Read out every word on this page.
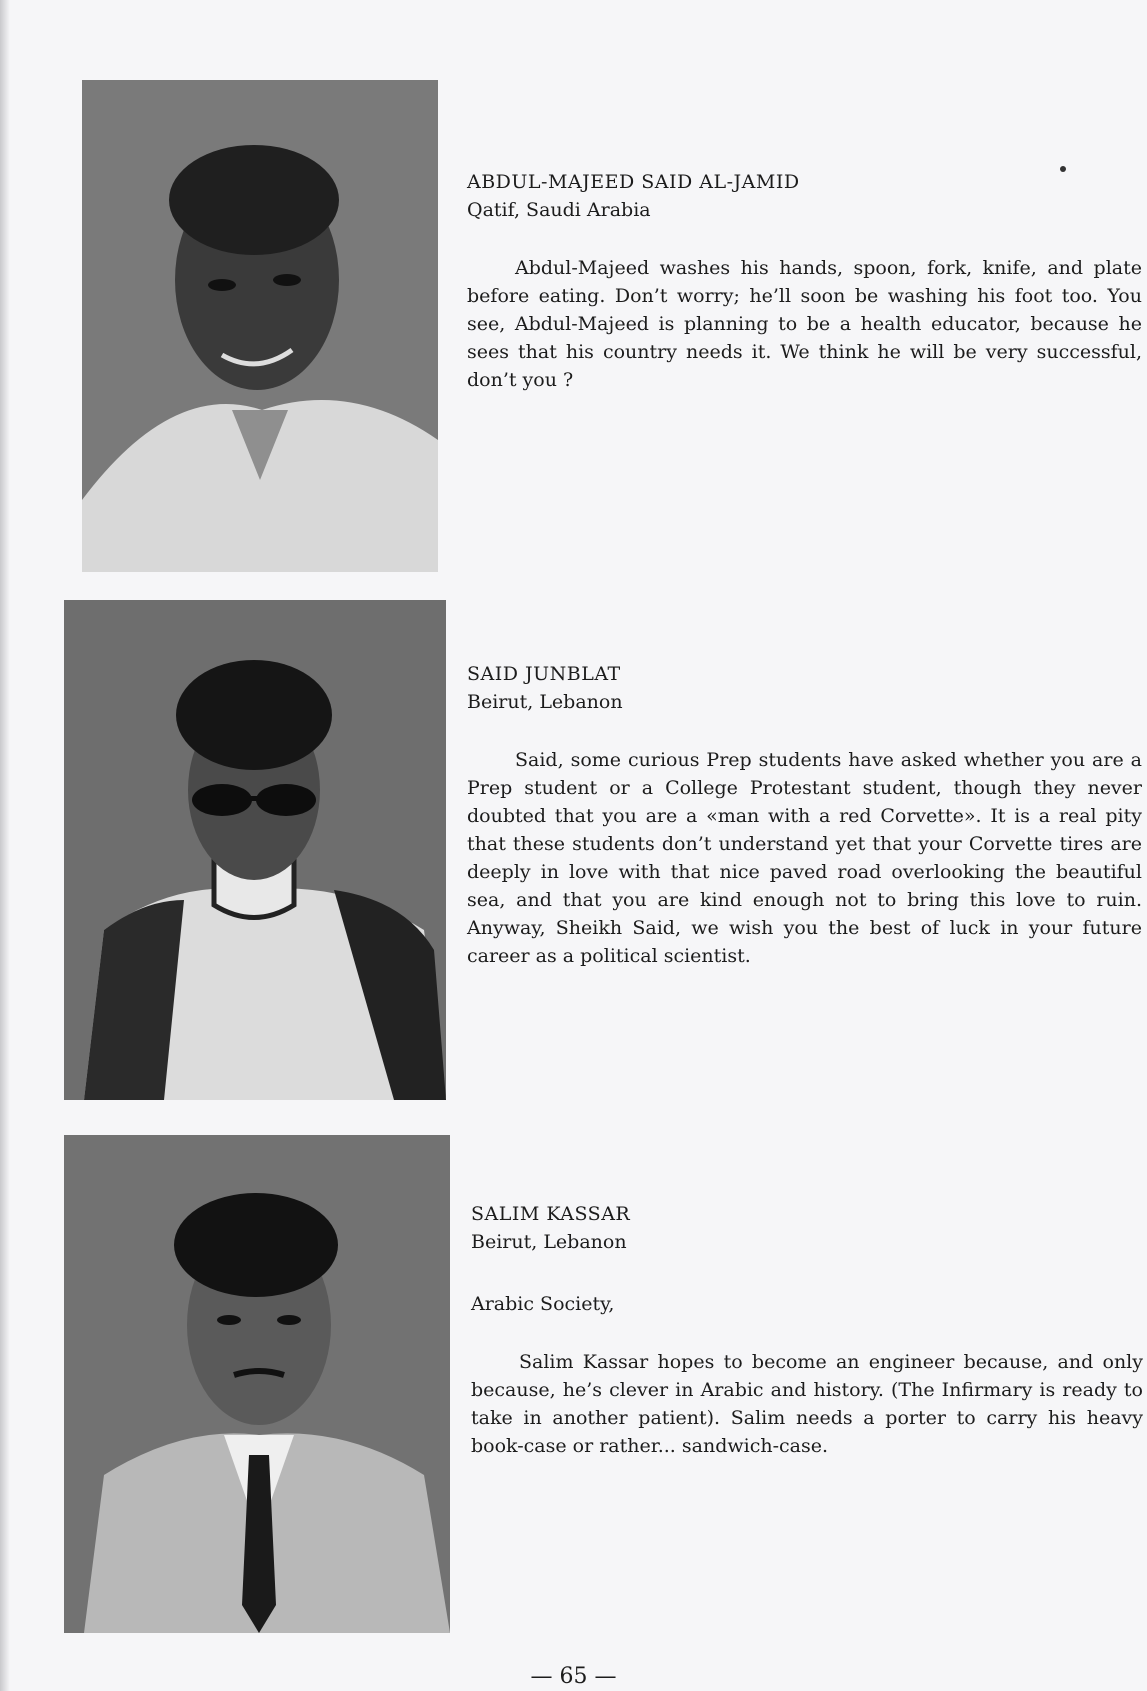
ABDUL-MAJEED SAID AL-JAMID

Qatif, Saudi Arabia

Abdul-Majeed washes his hands, spoon, fork, knife, and plate before eating. Don’t worry; he’ll soon be washing his foot too. You see, Abdul-Majeed is planning to be a health educator, because he sees that his country needs it. We think he will be very successful, don’t you ?

SAID JUNBLAT

Beirut, Lebanon

Said, some curious Prep students have asked whether you are a Prep student or a College Protestant student, though they never doubted that you are a «man with a red Corvette». It is a real pity that these students don’t understand yet that your Corvette tires are deeply in love with that nice paved road overlooking the beautiful sea, and that you are kind enough not to bring this love to ruin. Anyway, Sheikh Said, we wish you the best of luck in your future career as a political scientist.

SALIM KASSAR

Beirut, Lebanon

Arabic Society,

Salim Kassar hopes to become an engineer because, and only because, he’s clever in Arabic and history. (The Infirmary is ready to take in another patient). Salim needs a porter to carry his heavy book-case or rather... sandwich-case.

— 65 —
